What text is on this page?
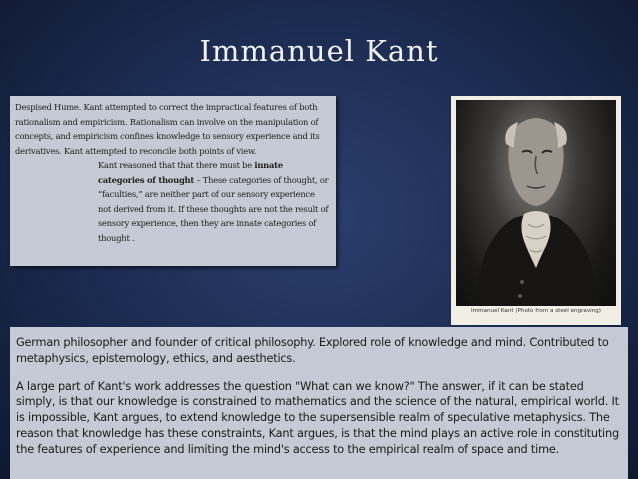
Immanuel Kant

Despised Hume. Kant attempted to correct the impractical features of both rationalism and empiricism. Rationalism can involve on the manipulation of concepts, and empiricism confines knowledge to sensory experience and its derivatives. Kant attempted to reconcile both points of view.

Kant reasoned that that there must be innate categories of thought – These categories of thought, or “faculties,” are neither part of our sensory experience not derived from it. If these thoughts are not the result of sensory experience, then they are innate categories of thought .

Immanuel Kant (Photo from a steel engraving)

German philosopher and founder of critical philosophy. Explored role of knowledge and mind. Contributed to metaphysics, epistemology, ethics, and aesthetics.

A large part of Kant's work addresses the question "What can we know?" The answer, if it can be stated simply, is that our knowledge is constrained to mathematics and the science of the natural, empirical world. It is impossible, Kant argues, to extend knowledge to the supersensible realm of speculative metaphysics. The reason that knowledge has these constraints, Kant argues, is that the mind plays an active role in constituting the features of experience and limiting the mind's access to the empirical realm of space and time.
